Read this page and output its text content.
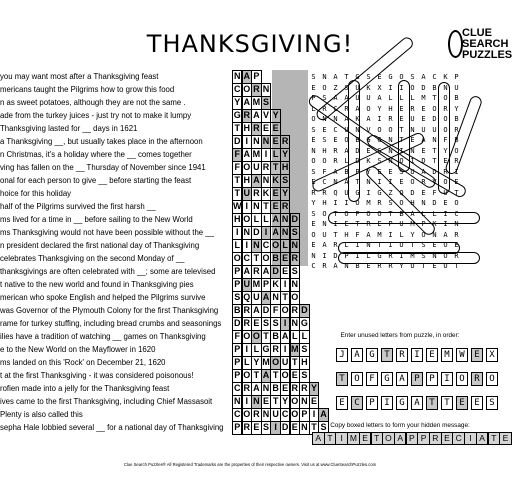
THANKSGIVING!	CLUE
SEARCH
PUZZLES
you may want most after a Thanksgiving feast
mericans taught the Pilgrims how to grow this food
n as sweet potatoes, although they are not the same .
ade from the turkey juices - just try not to make it lumpy
Thanksgiving lasted for __ days in 1621
a Thanksgiving __, but usually takes place in the afternoon
n Christmas, it's a holiday where the __ comes together
ving has fallen on the __ Thursday of November since 1941
onal for each person to give __ before starting the feast
hoice for this holiday
half of the Pilgrims survived the first harsh __
ms lived for a time in __ before sailing to the New World
ms Thanksgiving would not have been possible without the __
n president declared the first national day of Thanksgiving
celebrates Thanksgiving on the second Monday of __
thanksgivings are often celebrated with __; some are televised
t native to the new world and found in Thanksgiving pies
merican who spoke English and helped the Pilgrims survive
was Governor of the Plymouth Colony for the first Thanksgiving
rame for turkey stuffing, including bread crumbs and seasonings
ilies have a tradition of watching __ games on Thanksgiving
e to the New World on the Mayflower in 1620
ms landed on this 'Rock' on December 21, 1620
t at the first Thanksgiving - it was considered poisonous!
rofien made into a jelly for the Thanksgiving feast
ives came to the first Thanksgiving, including Chief Massasoit
Plenty is also called this
sepha Hale lobbied several __ for a national day of Thanksgiving
N A P
C O R N
Y A M S
G R A V Y
T H R E E
D I N N E R
F A M I L Y
F O U R T H
T H A N K S
T U R K E Y
W I N T E R
H O L L A N D
I N D I A N S
L I N C O L N
O C T O B E R
P A R A D E S
P U M P K I N
S Q U A N T O
B R A D F O R D
D R E S S I N G
F O O T B A L L
P I L G R I M S
P L Y M O U T H
P O T A T O E S
C R A N B E R R Y
N I N E T Y O N E
C O R N U C O P I A
P R E S I D E N T S
S N A T G S E G O S A C K P
E O Z S U K X I I O D B N U
P S A A U U A L L L M T O B
L R C R A O Y H E R E O R Y
O N N A K A I R E U E D O B
S E C U N V O O T N U U O R
E S E O B G G N T E A N F B
N H R A D E S N I N E T Y O
O O R L D K S N O I D T E R
S F A B P Y E E S U A D R I
E C N A T N I I E O R V O E
R R Q U G I G Z Q D E F U T
Y H I I O M R S O H N D E O
S O T O F O O T B A L L I C
E N I E T R E P U M P K I N
O U T H F A M I L Y O N A R
E A R L I N T I U T S E O E
N I D P I L G R I M S N O R
C R A N B E R R Y U T E U T
Enter unused letters from puzzle, in order:
J	A	G	T	R	I	E	M	W	E	X
T	O	F	G	A	P	P	I	O	R	O
E	C	P	I	G	A	T	T	E	E	S
Copy boxed letters to form your hidden message:
A T I M E T O A P P R E C I A T E
Clue Search Puzzles® All Registered Trademarks are the properties of their respective owners. Visit us at www.ClueSearchPuzzles.com
